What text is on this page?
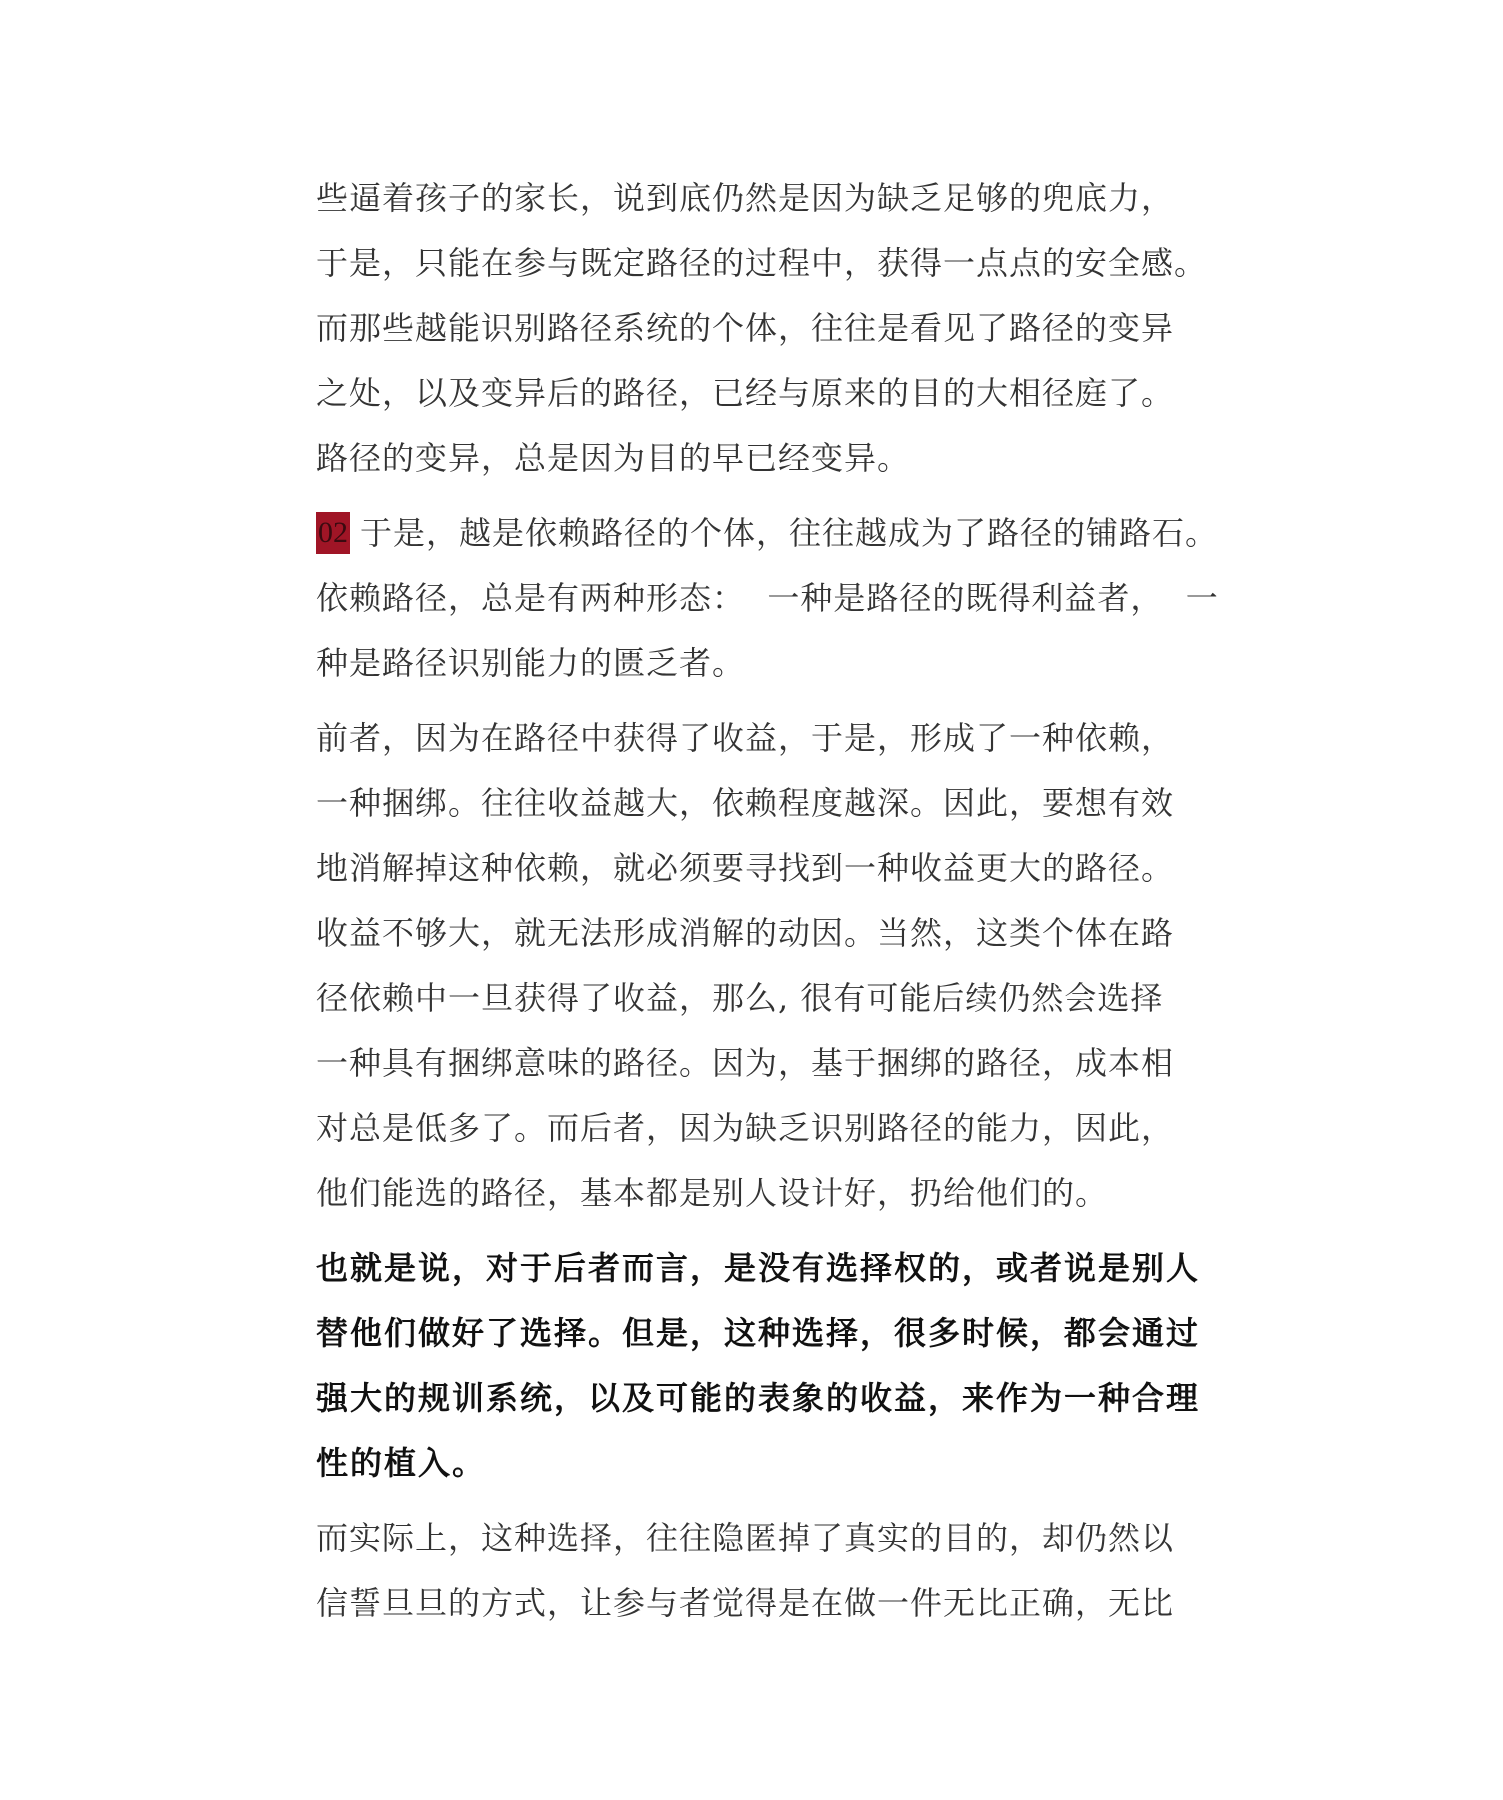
些逼着孩子的家长，说到底仍然是因为缺乏足够的兜底力，
于是，只能在参与既定路径的过程中，获得一点点的安全感。
而那些越能识别路径系统的个体，往往是看见了路径的变异
之处，以及变异后的路径，已经与原来的目的大相径庭了。
路径的变异，总是因为目的早已经变异。
02 于是，越是依赖路径的个体，往往越成为了路径的铺路石。
依赖路径，总是有两种形态：  一种是路径的既得利益者，  一
种是路径识别能力的匮乏者。
前者，因为在路径中获得了收益，于是，形成了一种依赖，
一种捆绑。往往收益越大，依赖程度越深。因此，要想有效
地消解掉这种依赖，就必须要寻找到一种收益更大的路径。
收益不够大，就无法形成消解的动因。当然，这类个体在路
径依赖中一旦获得了收益，那么, 很有可能后续仍然会选择
一种具有捆绑意味的路径。因为，基于捆绑的路径，成本相
对总是低多了。而后者，因为缺乏识别路径的能力，因此，
他们能选的路径，基本都是别人设计好，扔给他们的。
也就是说，对于后者而言，是没有选择权的，或者说是别人
替他们做好了选择。但是，这种选择，很多时候，都会通过
强大的规训系统，以及可能的表象的收益，来作为一种合理
性的植入。
而实际上，这种选择，往往隐匿掉了真实的目的，却仍然以
信誓旦旦的方式，让参与者觉得是在做一件无比正确，无比
